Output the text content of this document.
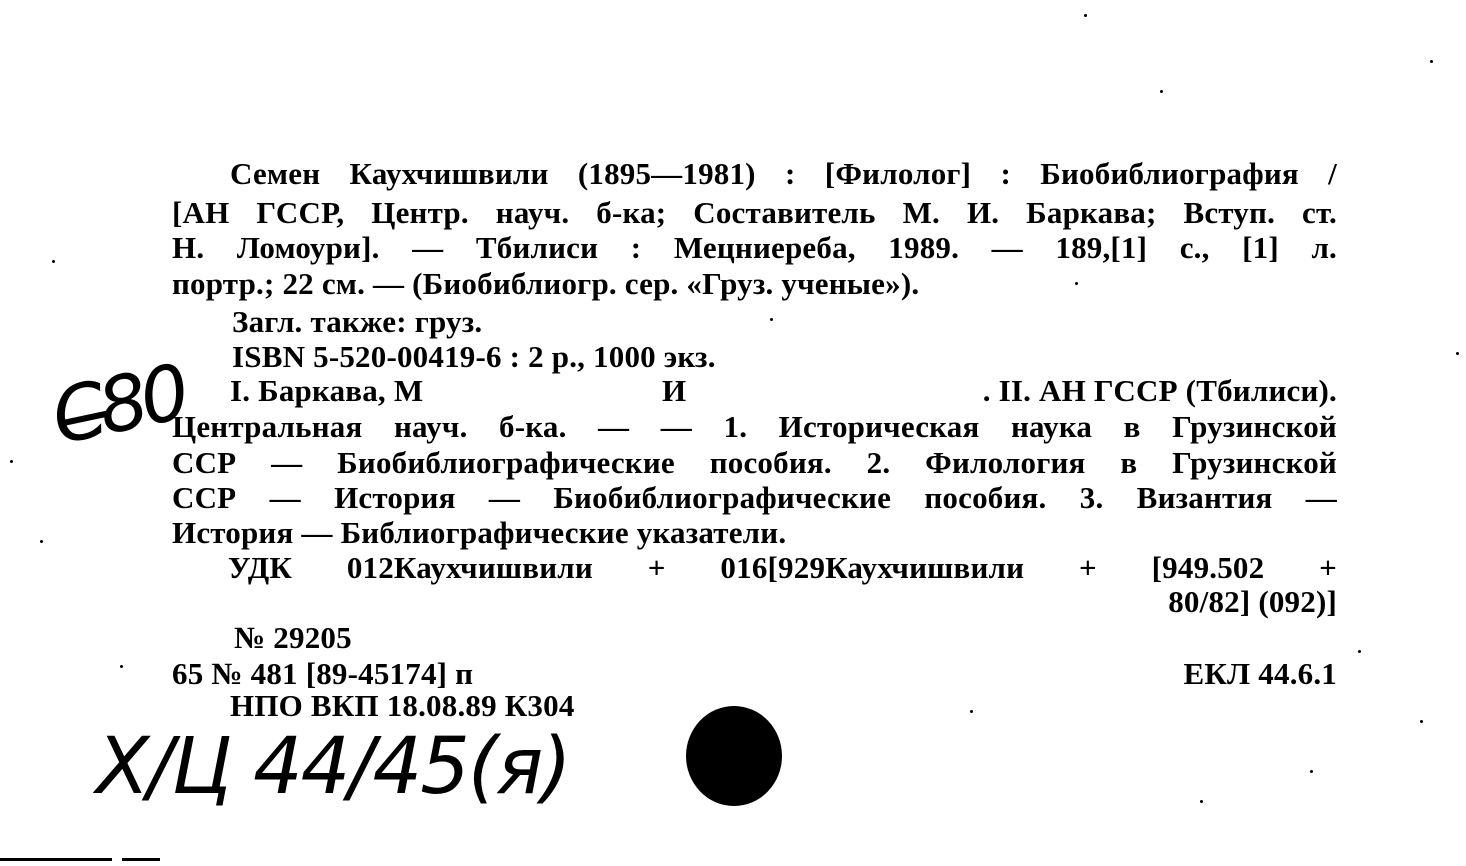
Семен Каухчишвили (1895—1981) : [Филолог] : Биобиблиография /
[АН ГССР, Центр. науч. б-ка; Составитель М. И. Баркава; Вступ. ст.
Н. Ломоури]. — Тбилиси : Мецниереба, 1989. — 189,[1] с., [1] л.
портр.; 22 см. — (Биобиблиогр. сер. «Груз. ученые»).
Загл. также: груз.
ISBN 5-520-00419-6 : 2 р., 1000 экз.
I. Баркава, М	И	. II. АН ГССР (Тбилиси).
Центральная науч. б-ка. — — 1. Историческая наука в Грузинской
ССР — Биобиблиографические пособия. 2. Филология в Грузинской
ССР — История — Биобиблиографические пособия. 3. Византия —
История — Библиографические указатели.
УДК 012Каухчишвили + 016[929Каухчишвили + [949.502 +
80/82] (092)]
№ 29205
65 № 481 [89-45174] п	ЕКЛ 44.6.1
НПО ВКП 18.08.89 К304
С̶80
Х/Ц 44/45(я)
